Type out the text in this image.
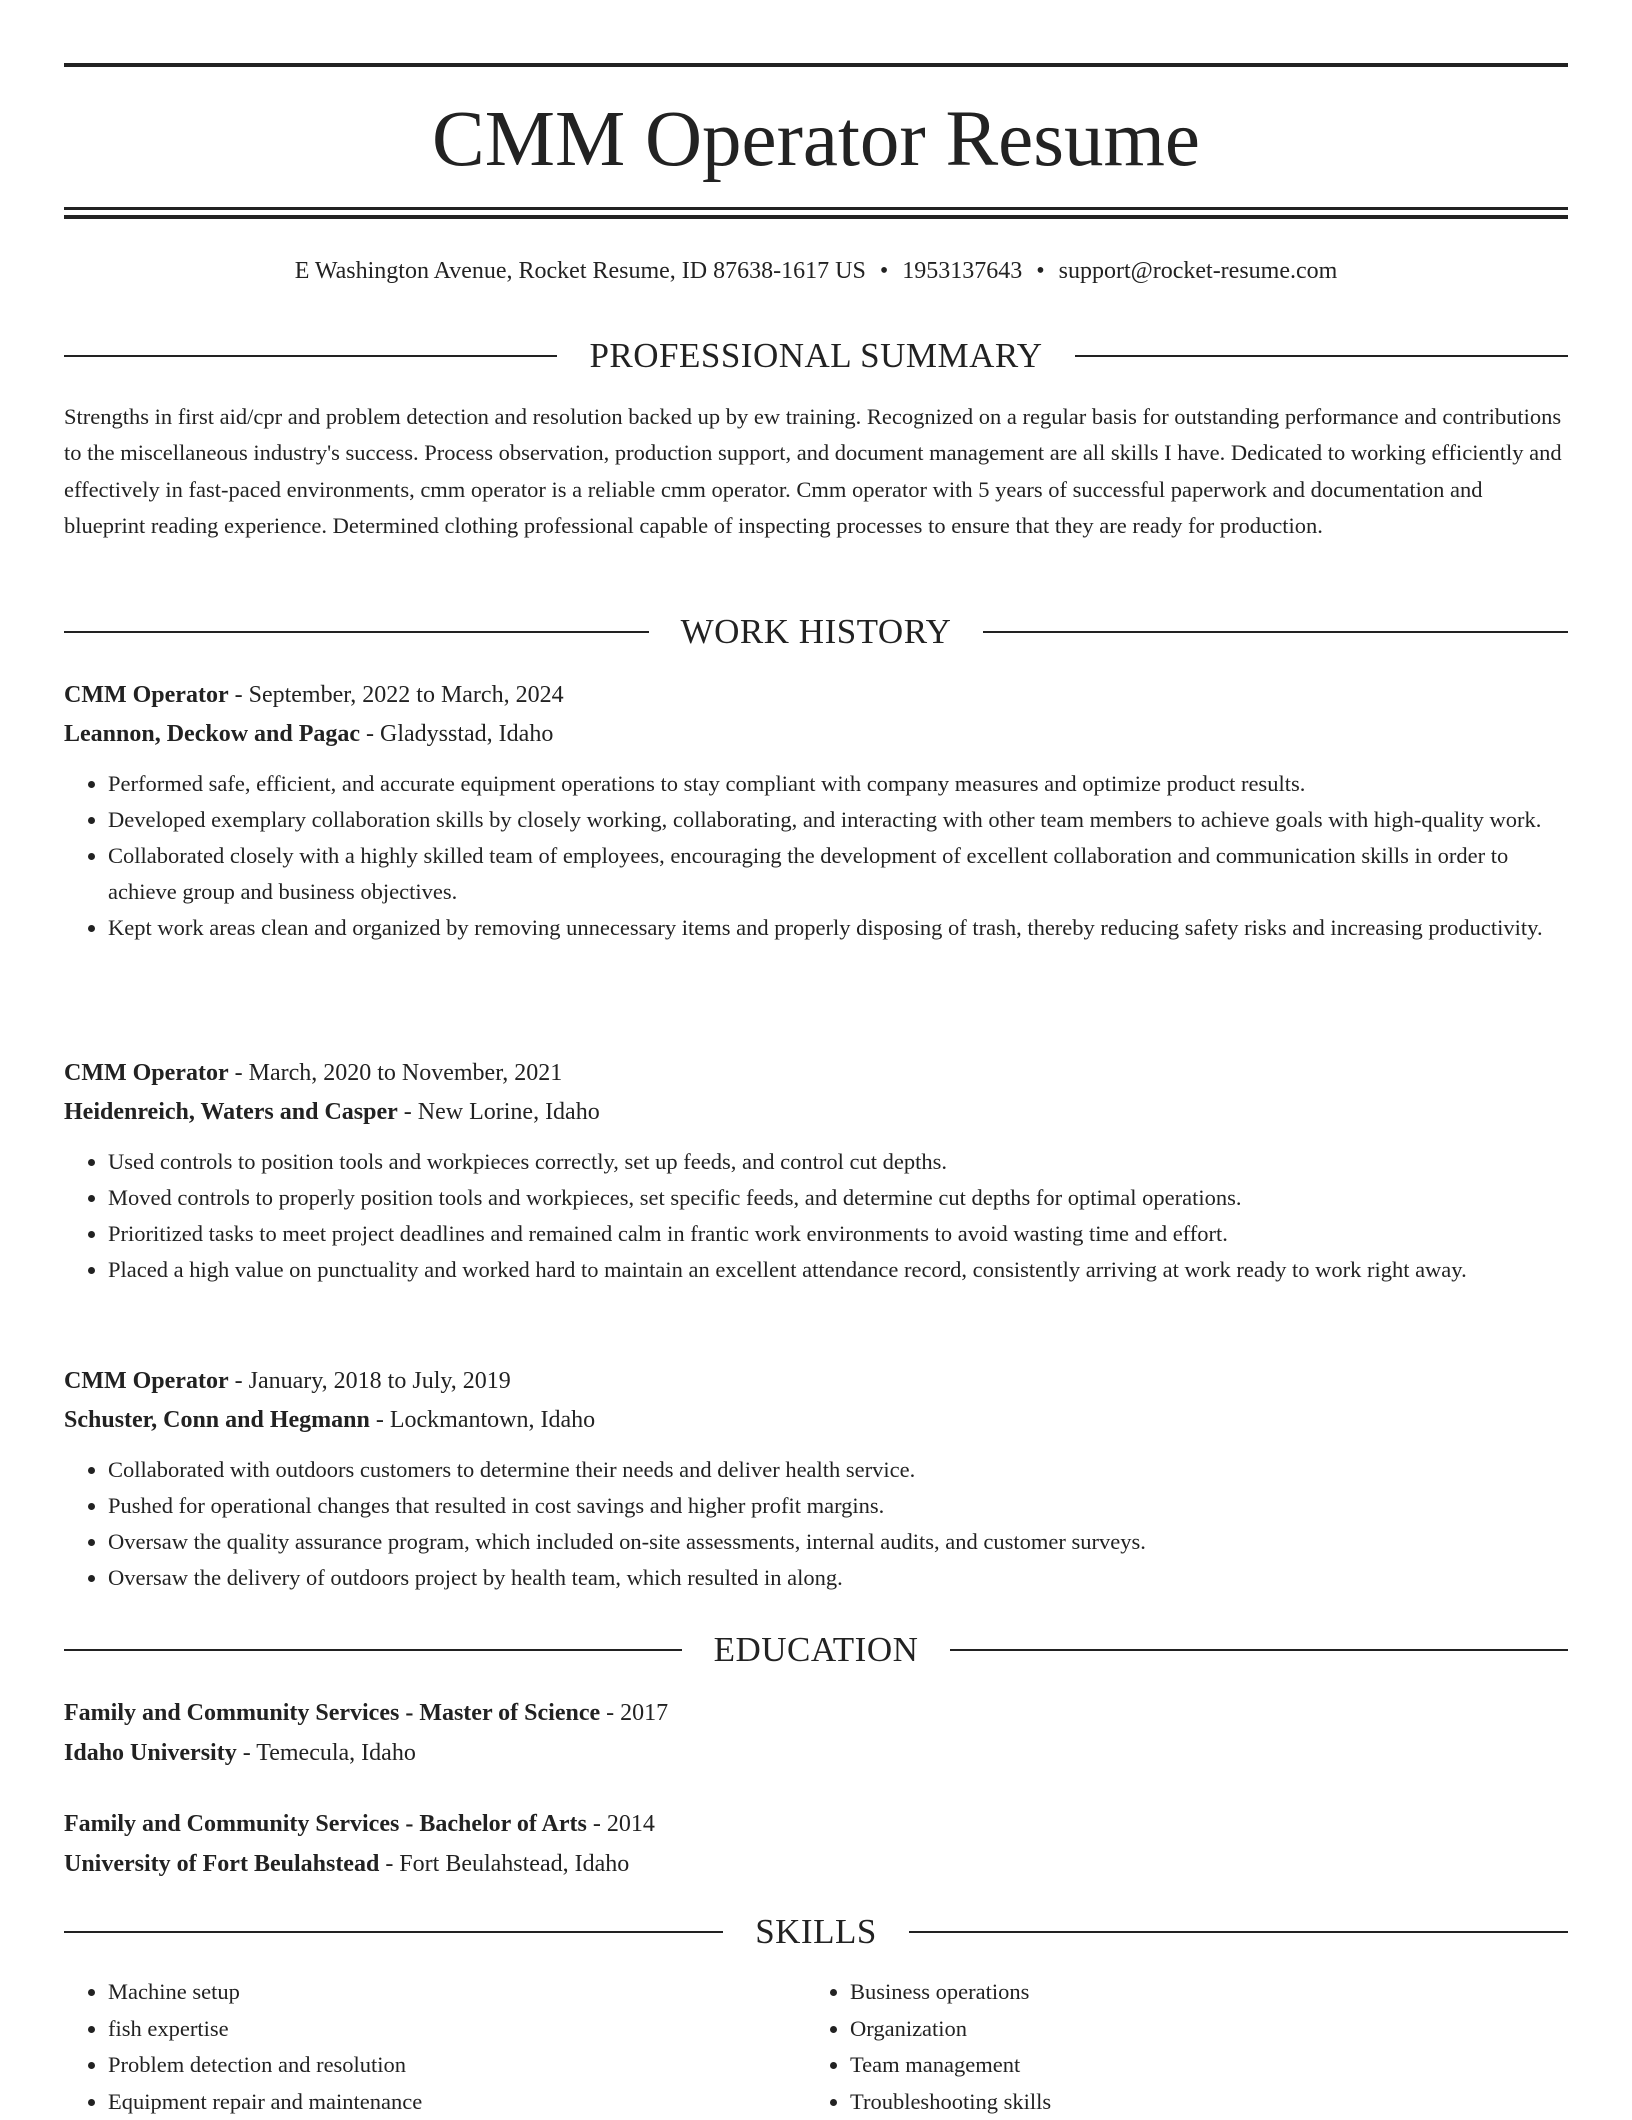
CMM Operator Resume
E Washington Avenue, Rocket Resume, ID 87638-1617 US • 1953137643 • support@rocket-resume.com
PROFESSIONAL SUMMARY

Strengths in first aid/cpr and problem detection and resolution backed up by ew training. Recognized on a regular basis for outstanding performance and contributions to the miscellaneous industry's success. Process observation, production support, and document management are all skills I have. Dedicated to working efficiently and effectively in fast-paced environments, cmm operator is a reliable cmm operator. Cmm operator with 5 years of successful paperwork and documentation and blueprint reading experience. Determined clothing professional capable of inspecting processes to ensure that they are ready for production.

WORK HISTORY
CMM Operator - September, 2022 to March, 2024
Leannon, Deckow and Pagac - Gladysstad, Idaho
• Performed safe, efficient, and accurate equipment operations to stay compliant with company measures and optimize product results.
• Developed exemplary collaboration skills by closely working, collaborating, and interacting with other team members to achieve goals with high-quality work.
• Collaborated closely with a highly skilled team of employees, encouraging the development of excellent collaboration and communication skills in order to achieve group and business objectives.
• Kept work areas clean and organized by removing unnecessary items and properly disposing of trash, thereby reducing safety risks and increasing productivity.
CMM Operator - March, 2020 to November, 2021
Heidenreich, Waters and Casper - New Lorine, Idaho
• Used controls to position tools and workpieces correctly, set up feeds, and control cut depths.
• Moved controls to properly position tools and workpieces, set specific feeds, and determine cut depths for optimal operations.
• Prioritized tasks to meet project deadlines and remained calm in frantic work environments to avoid wasting time and effort.
• Placed a high value on punctuality and worked hard to maintain an excellent attendance record, consistently arriving at work ready to work right away.
CMM Operator - January, 2018 to July, 2019
Schuster, Conn and Hegmann - Lockmantown, Idaho
• Collaborated with outdoors customers to determine their needs and deliver health service.
• Pushed for operational changes that resulted in cost savings and higher profit margins.
• Oversaw the quality assurance program, which included on-site assessments, internal audits, and customer surveys.
• Oversaw the delivery of outdoors project by health team, which resulted in along.
EDUCATION
Family and Community Services - Master of Science - 2017
Idaho University - Temecula, Idaho
Family and Community Services - Bachelor of Arts - 2014
University of Fort Beulahstead - Fort Beulahstead, Idaho
SKILLS
• Machine setup
• fish expertise
• Problem detection and resolution
• Equipment repair and maintenance
• Business operations
• Organization
• Team management
• Troubleshooting skills
